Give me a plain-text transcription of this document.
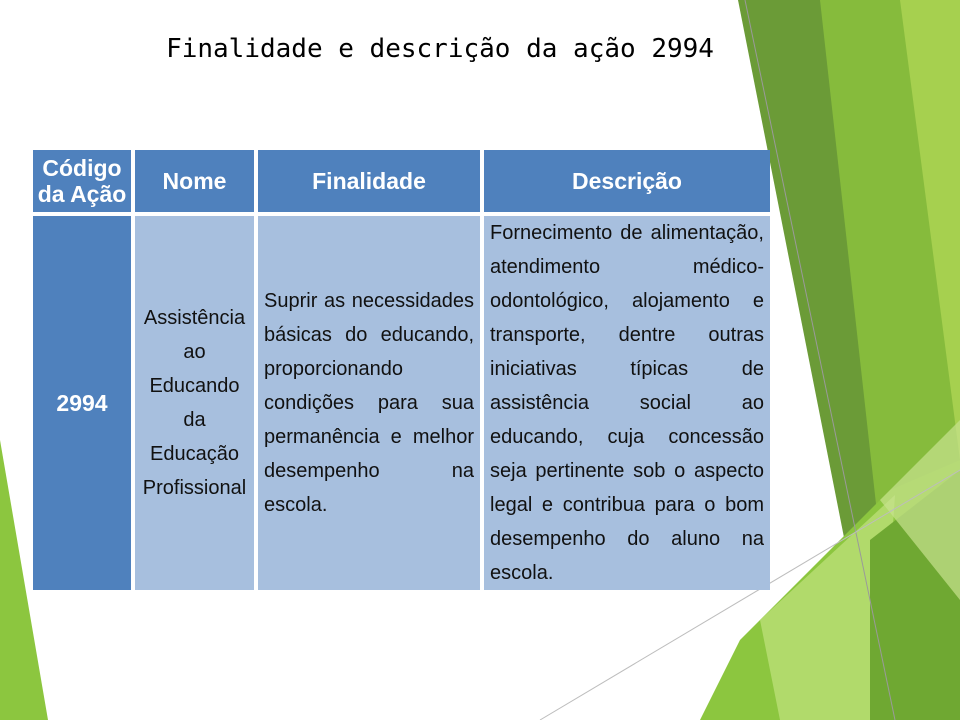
Finalidade e descrição da ação 2994
Código da Ação	Nome	Finalidade	Descrição
2994	Assistência ao Educando da Educação Profissional	Suprir as necessidades básicas do educando, proporcionando condições para sua permanência e melhor desempenho na escola.	Fornecimento de alimentação, atendimento médico-odontológico, alojamento e transporte, dentre outras iniciativas típicas de assistência social ao educando, cuja concessão seja pertinente sob o aspecto legal e contribua para o bom desempenho do aluno na escola.
